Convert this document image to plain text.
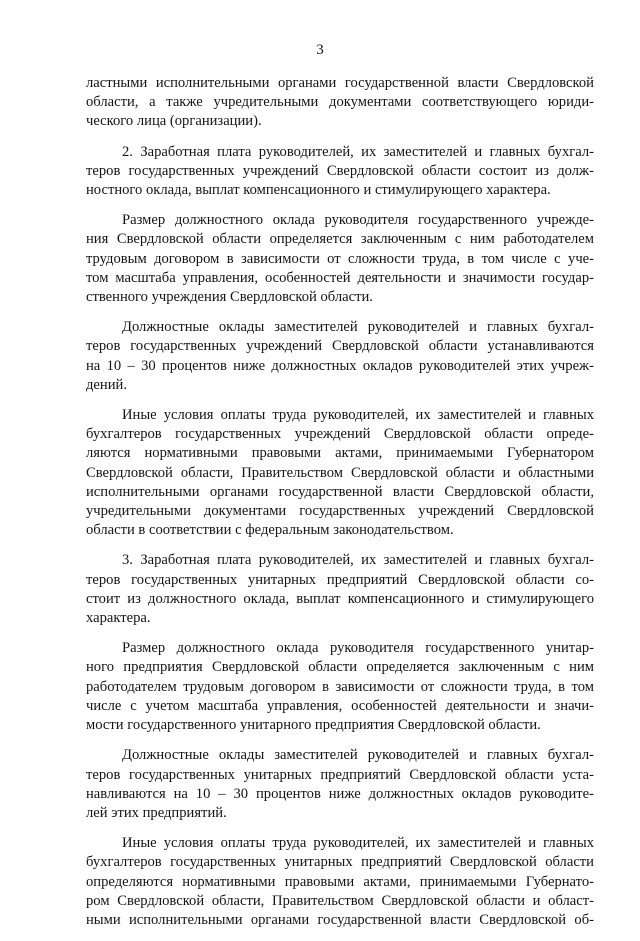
3
ластными исполнительными органами государственной власти Свердловской
области, а также учредительными документами соответствующего юриди-
ческого лица (организации).
2. Заработная плата руководителей, их заместителей и главных бухгал-
теров государственных учреждений Свердловской области состоит из долж-
ностного оклада, выплат компенсационного и стимулирующего характера.
Размер должностного оклада руководителя государственного учрежде-
ния Свердловской области определяется заключенным с ним работодателем
трудовым договором в зависимости от сложности труда, в том числе с уче-
том масштаба управления, особенностей деятельности и значимости государ-
ственного учреждения Свердловской области.
Должностные оклады заместителей руководителей и главных бухгал-
теров государственных учреждений Свердловской области устанавливаются
на 10 – 30 процентов ниже должностных окладов руководителей этих учреж-
дений.
Иные условия оплаты труда руководителей, их заместителей и главных
бухгалтеров государственных учреждений Свердловской области опреде-
ляются нормативными правовыми актами, принимаемыми Губернатором
Свердловской области, Правительством Свердловской области и областными
исполнительными органами государственной власти Свердловской области,
учредительными документами государственных учреждений Свердловской
области в соответствии с федеральным законодательством.
3. Заработная плата руководителей, их заместителей и главных бухгал-
теров государственных унитарных предприятий Свердловской области со-
стоит из должностного оклада, выплат компенсационного и стимулирующего
характера.
Размер должностного оклада руководителя государственного унитар-
ного предприятия Свердловской области определяется заключенным с ним
работодателем трудовым договором в зависимости от сложности труда, в том
числе с учетом масштаба управления, особенностей деятельности и значи-
мости государственного унитарного предприятия Свердловской области.
Должностные оклады заместителей руководителей и главных бухгал-
теров государственных унитарных предприятий Свердловской области уста-
навливаются на 10 – 30 процентов ниже должностных окладов руководите-
лей этих предприятий.
Иные условия оплаты труда руководителей, их заместителей и главных
бухгалтеров государственных унитарных предприятий Свердловской области
определяются нормативными правовыми актами, принимаемыми Губернато-
ром Свердловской области, Правительством Свердловской области и област-
ными исполнительными органами государственной власти Свердловской об-
